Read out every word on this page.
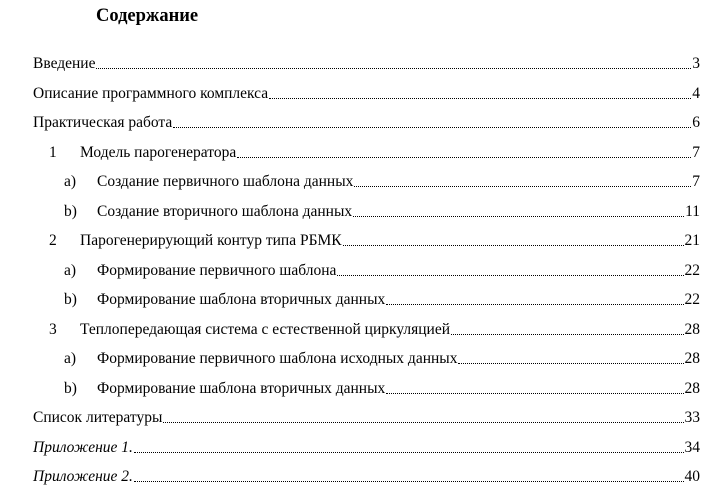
Содержание
Введение	3
Описание программного комплекса	4
Практическая работа	6
1	Модель парогенератора	7
a)	Создание первичного шаблона данных	7
b)	Создание вторичного шаблона данных	11
2	Парогенерирующий контур типа РБМК	21
a)	Формирование первичного шаблона	22
b)	Формирование шаблона вторичных данных	22
3	Теплопередающая система с естественной циркуляцией	28
a)	Формирование первичного шаблона исходных данных	28
b)	Формирование шаблона вторичных данных	28
Список литературы	33
Приложение 1.	34
Приложение 2.	40
